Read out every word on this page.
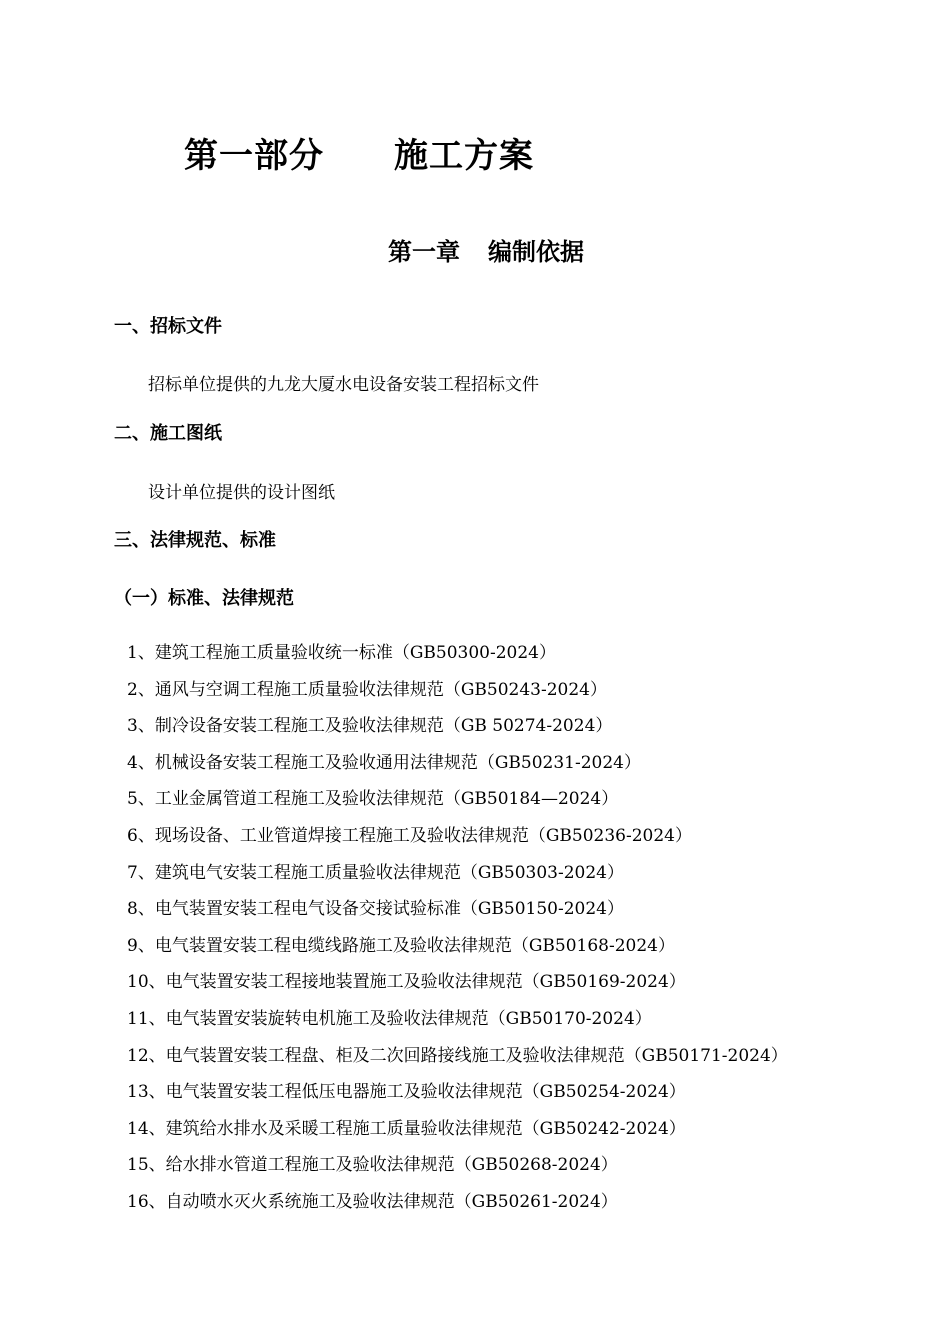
第一部分 施工方案
第一章 编制依据
一、招标文件
招标单位提供的九龙大厦水电设备安装工程招标文件
二、施工图纸
设计单位提供的设计图纸
三、法律规范、标准
（一）标准、法律规范
1、建筑工程施工质量验收统一标准（GB50300-2024）
2、通风与空调工程施工质量验收法律规范（GB50243-2024）
3、制冷设备安装工程施工及验收法律规范（GB 50274-2024）
4、机械设备安装工程施工及验收通用法律规范（GB50231-2024）
5、工业金属管道工程施工及验收法律规范（GB50184—2024）
6、现场设备、工业管道焊接工程施工及验收法律规范（GB50236-2024）
7、建筑电气安装工程施工质量验收法律规范（GB50303-2024）
8、电气装置安装工程电气设备交接试验标准（GB50150-2024）
9、电气装置安装工程电缆线路施工及验收法律规范（GB50168-2024）
10、电气装置安装工程接地装置施工及验收法律规范（GB50169-2024）
11、电气装置安装旋转电机施工及验收法律规范（GB50170-2024）
12、电气装置安装工程盘、柜及二次回路接线施工及验收法律规范（GB50171-2024）
13、电气装置安装工程低压电器施工及验收法律规范（GB50254-2024）
14、建筑给水排水及采暖工程施工质量验收法律规范（GB50242-2024）
15、给水排水管道工程施工及验收法律规范（GB50268-2024）
16、自动喷水灭火系统施工及验收法律规范（GB50261-2024）
